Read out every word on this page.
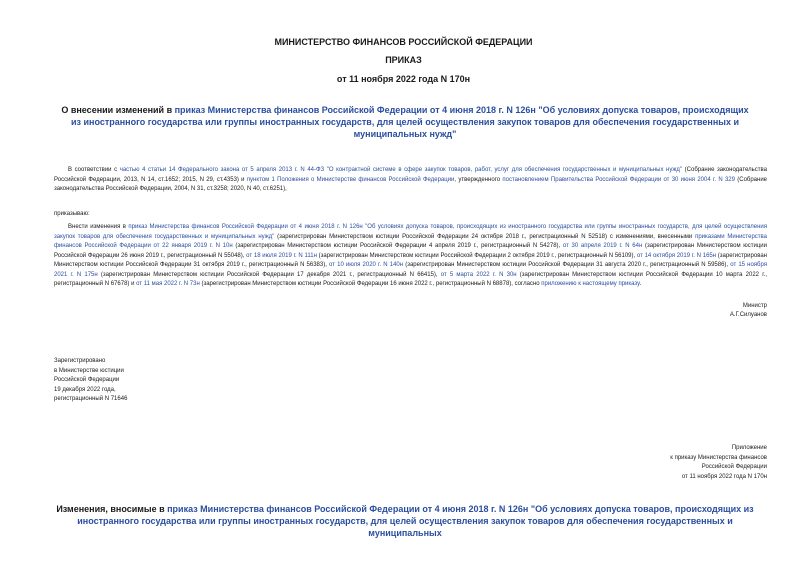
МИНИСТЕРСТВО ФИНАНСОВ РОССИЙСКОЙ ФЕДЕРАЦИИ
ПРИКАЗ
от 11 ноября 2022 года N 170н
О внесении изменений в приказ Министерства финансов Российской Федерации от 4 июня 2018 г. N 126н "Об условиях допуска товаров, происходящих из иностранного государства или группы иностранных государств, для целей осуществления закупок товаров для обеспечения государственных и муниципальных нужд"
В соответствии с частью 4 статьи 14 Федерального закона от 5 апреля 2013 г. N 44-ФЗ "О контрактной системе в сфере закупок товаров, работ, услуг для обеспечения государственных и муниципальных нужд" (Собрание законодательства Российской Федерации, 2013, N 14, ст.1652; 2015, N 29, ст.4353) и пунктом 1 Положения о Министерстве финансов Российской Федерации, утвержденного постановлением Правительства Российской Федерации от 30 июня 2004 г. N 329 (Собрание законодательства Российской Федерации, 2004, N 31, ст.3258; 2020, N 40, ст.6251),
приказываю:
Внести изменения в приказ Министерства финансов Российской Федерации от 4 июня 2018 г. N 126н "Об условиях допуска товаров, происходящих из иностранного государства или группы иностранных государств, для целей осуществления закупок товаров для обеспечения государственных и муниципальных нужд" (зарегистрирован Министерством юстиции Российской Федерации 24 октября 2018 г., регистрационный N 52518) с изменениями, внесенными приказами Министерства финансов Российской Федерации от 22 января 2019 г. N 10н (зарегистрирован Министерством юстиции Российской Федерации 4 апреля 2019 г., регистрационный N 54278), от 30 апреля 2019 г. N 64н (зарегистрирован Министерством юстиции Российской Федерации 26 июня 2019 г., регистрационный N 55048), от 18 июля 2019 г. N 111н (зарегистрирован Министерством юстиции Российской Федерации 2 октября 2019 г., регистрационный N 56109), от 14 октября 2019 г. N 165н (зарегистрирован Министерством юстиции Российской Федерации 31 октября 2019 г., регистрационный N 56383), от 10 июля 2020 г. N 140н (зарегистрирован Министерством юстиции Российской Федерации 31 августа 2020 г., регистрационный N 59586), от 15 ноября 2021 г. N 175н (зарегистрирован Министерством юстиции Российской Федерации 17 декабря 2021 г., регистрационный N 66415), от 5 марта 2022 г. N 30н (зарегистрирован Министерством юстиции Российской Федерации 10 марта 2022 г., регистрационный N 67678) и от 11 мая 2022 г. N 73н (зарегистрирован Министерством юстиции Российской Федерации 16 июня 2022 г., регистрационный N 68878), согласно приложению к настоящему приказу.
Министр
А.Г.Силуанов
Зарегистрировано
в Министерстве юстиции
Российской Федерации
19 декабря 2022 года,
регистрационный N 71646
Приложение
к приказу Министерства финансов
Российской Федерации
от 11 ноября 2022 года N 170н
Изменения, вносимые в приказ Министерства финансов Российской Федерации от 4 июня 2018 г. N 126н "Об условиях допуска товаров, происходящих из иностранного государства или группы иностранных государств, для целей осуществления закупок товаров для обеспечения государственных и муниципальных
